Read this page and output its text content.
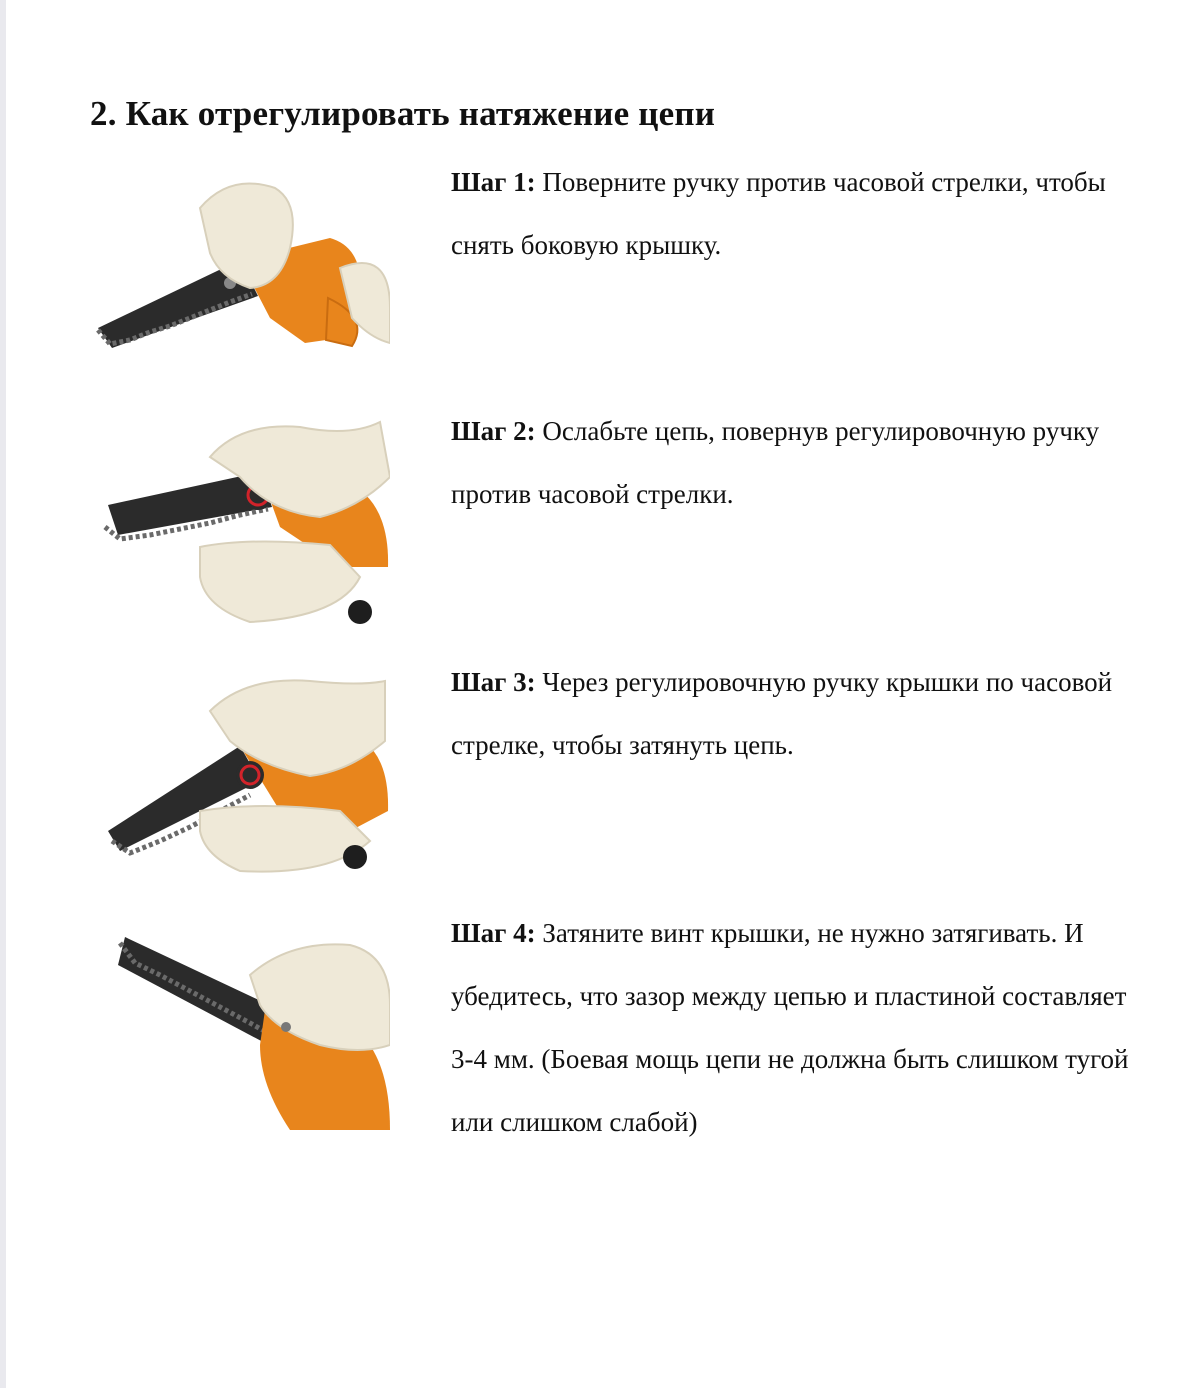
2. Как отрегулировать натяжение цепи
Шаг 1: Поверните ручку против часовой стрелки, чтобы снять боковую крышку.
Шаг 2: Ослабьте цепь, повернув регулировочную ручку против часовой стрелки.
Шаг 3: Через регулировочную ручку крышки по часовой стрелке, чтобы затянуть цепь.
Шаг 4: Затяните винт крышки, не нужно затягивать. И убедитесь, что зазор между цепью и пластиной составляет 3-4 мм. (Боевая мощь цепи не должна быть слишком тугой или слишком слабой)
